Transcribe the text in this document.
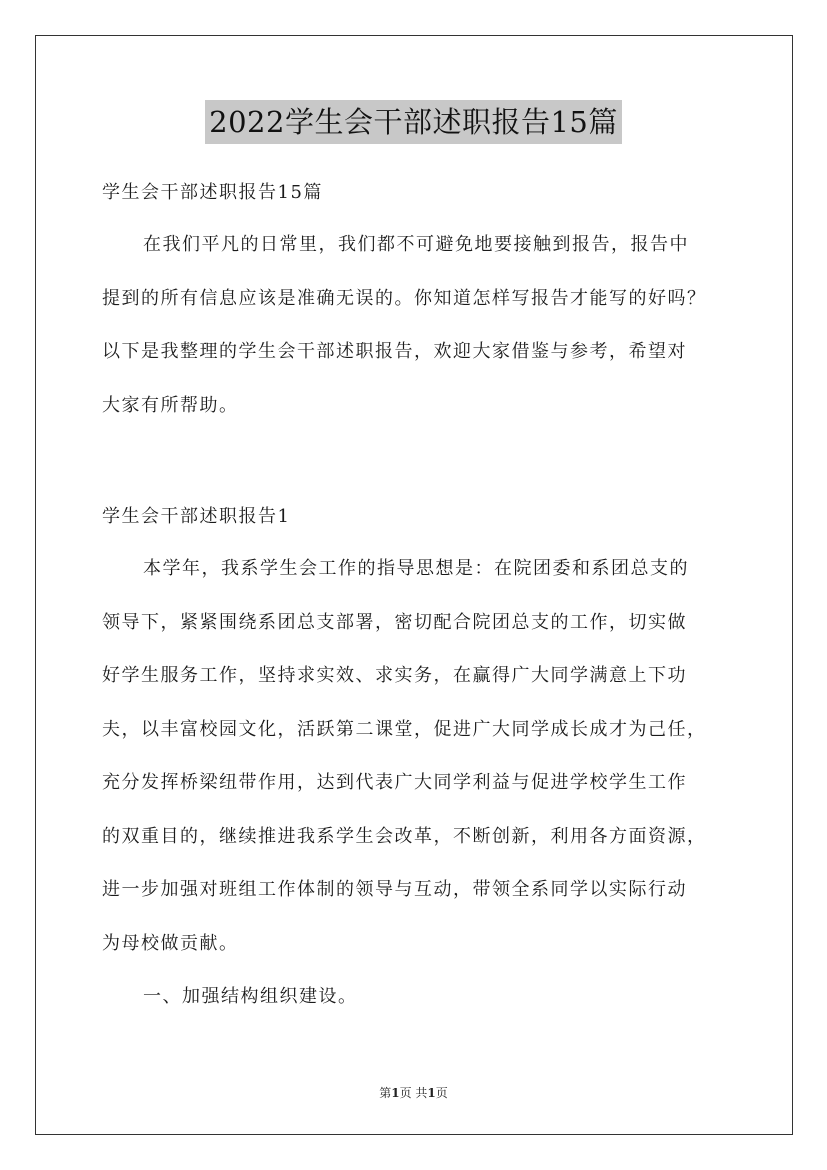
2022学生会干部述职报告15篇
学生会干部述职报告15篇
在我们平凡的日常里，我们都不可避免地要接触到报告，报告中
提到的所有信息应该是准确无误的。你知道怎样写报告才能写的好吗？
以下是我整理的学生会干部述职报告，欢迎大家借鉴与参考，希望对
大家有所帮助。
学生会干部述职报告1
本学年，我系学生会工作的指导思想是：在院团委和系团总支的
领导下，紧紧围绕系团总支部署，密切配合院团总支的工作，切实做
好学生服务工作，坚持求实效、求实务，在赢得广大同学满意上下功
夫，以丰富校园文化，活跃第二课堂，促进广大同学成长成才为己任，
充分发挥桥梁纽带作用，达到代表广大同学利益与促进学校学生工作
的双重目的，继续推进我系学生会改革，不断创新，利用各方面资源，
进一步加强对班组工作体制的领导与互动，带领全系同学以实际行动
为母校做贡献。
一、加强结构组织建设。
第1页 共1页
